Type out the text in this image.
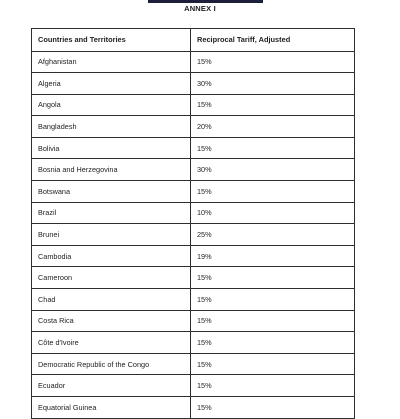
ANNEX I
Countries and Territories	Reciprocal Tariff, Adjusted
Afghanistan	15%
Algeria	30%
Angola	15%
Bangladesh	20%
Bolivia	15%
Bosnia and Herzegovina	30%
Botswana	15%
Brazil	10%
Brunei	25%
Cambodia	19%
Cameroon	15%
Chad	15%
Costa Rica	15%
Côte d'Ivoire	15%
Democratic Republic of the Congo	15%
Ecuador	15%
Equatorial Guinea	15%
